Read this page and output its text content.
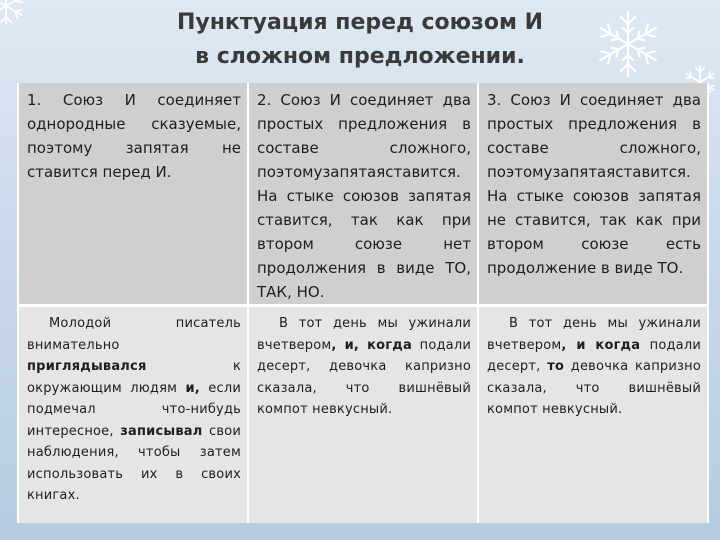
Пунктуация перед союзом И
в сложном предложении.
1. Союз И соединяет однородные сказуемые, поэтому запятая не ставится перед И.	2. Союз И соединяет два простых предложения в составе сложного, поэтомузапятаяставится. На стыке союзов запятая ставится, так как при втором союзе нет продолжения в виде ТО, ТАК, НО.	3. Союз И соединяет два простых предложения в составе сложного, поэтомузапятаяставится. На стыке союзов запятая не ставится, так как при втором союзе есть продолжение в виде ТО.
Молодой писатель внимательно приглядывался к окружающим людям и, если подмечал что-нибудь интересное, записывал свои наблюдения, чтобы затем использовать их в своих книгах.	В тот день мы ужинали вчетвером, и, когда подали десерт, девочка капризно сказала, что вишнёвый компот невкусный.	В тот день мы ужинали вчетвером, и когда подали десерт, то девочка капризно сказала, что вишнёвый компот невкусный.
